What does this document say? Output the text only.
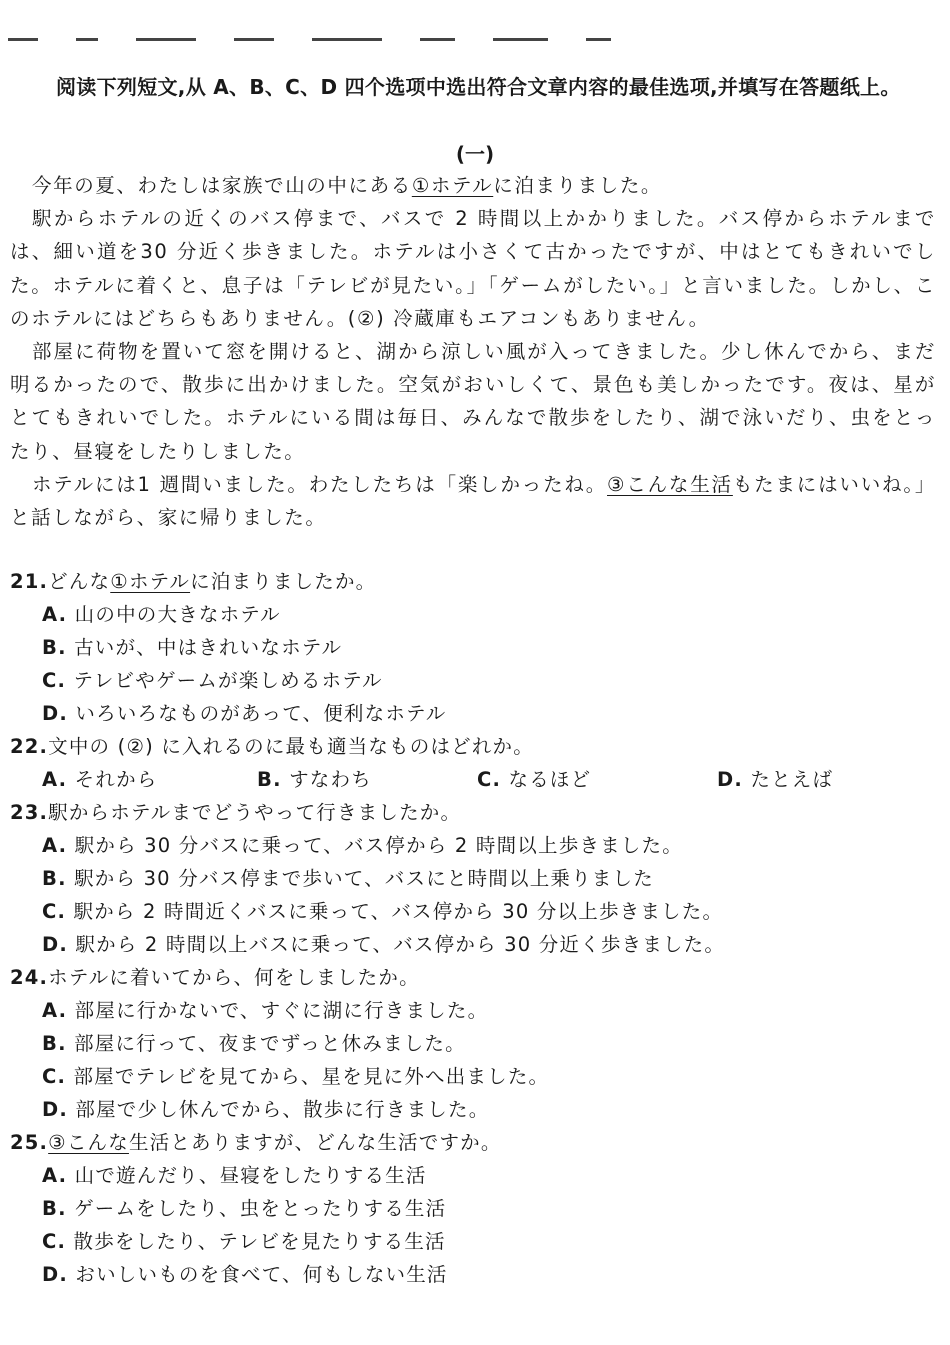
阅读下列短文,从 A、B、C、D 四个选项中选出符合文章内容的最佳选项,并填写在答题纸上。
(一)

今年の夏、わたしは家族で山の中にある①ホテルに泊まりました。

駅からホテルの近くのバス停まで、バスで 2 時間以上かかりました。バス停からホテルまでは、細い道を30 分近く歩きました。ホテルは小さくて古かったですが、中はとてもきれいでした。ホテルに着くと、息子は「テレビが見たい。」「ゲームがしたい。」と言いました。しかし、このホテルにはどちらもありません。(②) 冷蔵庫もエアコンもありません。

部屋に荷物を置いて窓を開けると、湖から涼しい風が入ってきました。少し休んでから、まだ明るかったので、散歩に出かけました。空気がおいしくて、景色も美しかったです。夜は、星がとてもきれいでした。ホテルにいる間は毎日、みんなで散歩をしたり、湖で泳いだり、虫をとったり、昼寝をしたりしました。

ホテルには1 週間いました。わたしたちは「楽しかったね。③こんな生活もたまにはいいね。」と話しながら、家に帰りました。

21.どんな①ホテルに泊まりましたか。

A. 山の中の大きなホテル

B. 古いが、中はきれいなホテル

C. テレビやゲームが楽しめるホテル

D. いろいろなものがあって、便利なホテル

22.文中の (②) に入れるのに最も適当なものはどれか。

A. それから	B. すなわち	C. なるほど	D. たとえば

23.駅からホテルまでどうやって行きましたか。

A. 駅から 30 分バスに乗って、バス停から 2 時間以上歩きました。

B. 駅から 30 分バス停まで歩いて、バスにと時間以上乗りました

C. 駅から 2 時間近くバスに乗って、バス停から 30 分以上歩きました。

D. 駅から 2 時間以上バスに乗って、バス停から 30 分近く歩きました。

24.ホテルに着いてから、何をしましたか。

A. 部屋に行かないで、すぐに湖に行きました。

B. 部屋に行って、夜までずっと休みました。

C. 部屋でテレビを見てから、星を見に外へ出ました。

D. 部屋で少し休んでから、散歩に行きました。

25.③こんな生活とありますが、どんな生活ですか。

A. 山で遊んだり、昼寝をしたりする生活

B. ゲームをしたり、虫をとったりする生活

C. 散歩をしたり、テレビを見たりする生活

D. おいしいものを食べて、何もしない生活
